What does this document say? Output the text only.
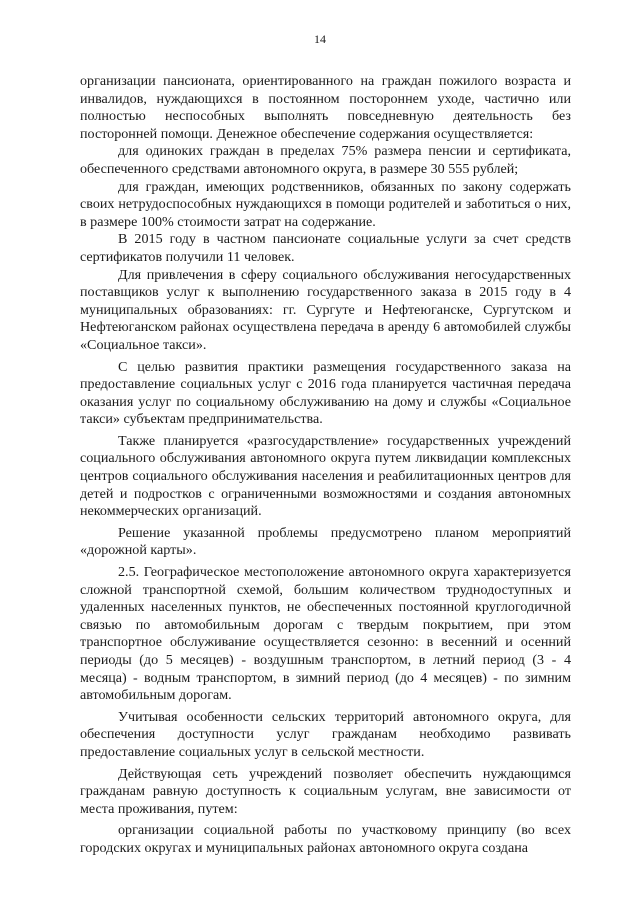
14

организации пансионата, ориентированного на граждан пожилого возраста и инвалидов, нуждающихся в постоянном постороннем уходе, частично или полностью неспособных выполнять повседневную деятельность без посторонней помощи. Денежное обеспечение содержания осуществляется:

для одиноких граждан в пределах 75% размера пенсии и сертификата, обеспеченного средствами автономного округа, в размере 30 555 рублей;

для граждан, имеющих родственников, обязанных по закону содержать своих нетрудоспособных нуждающихся в помощи родителей и заботиться о них, в размере 100% стоимости затрат на содержание.

В 2015 году в частном пансионате социальные услуги за счет средств сертификатов получили 11 человек.

Для привлечения в сферу социального обслуживания негосударственных поставщиков услуг к выполнению государственного заказа в 2015 году в 4 муниципальных образованиях: гг. Сургуте и Нефтеюганске, Сургутском и Нефтеюганском районах осуществлена передача в аренду 6 автомобилей службы «Социальное такси».

С целью развития практики размещения государственного заказа на предоставление социальных услуг с 2016 года планируется частичная передача оказания услуг по социальному обслуживанию на дому и службы «Социальное такси» субъектам предпринимательства.

Также планируется «разгосударствление» государственных учреждений социального обслуживания автономного округа путем ликвидации комплексных центров социального обслуживания населения и реабилитационных центров для детей и подростков с ограниченными возможностями и создания автономных некоммерческих организаций.

Решение указанной проблемы предусмотрено планом мероприятий «дорожной карты».

2.5. Географическое местоположение автономного округа характеризуется сложной транспортной схемой, большим количеством труднодоступных и удаленных населенных пунктов, не обеспеченных постоянной круглогодичной связью по автомобильным дорогам с твердым покрытием, при этом транспортное обслуживание осуществляется сезонно: в весенний и осенний периоды (до 5 месяцев) - воздушным транспортом, в летний период (3 - 4 месяца) - водным транспортом, в зимний период (до 4 месяцев) - по зимним автомобильным дорогам.

Учитывая особенности сельских территорий автономного округа, для обеспечения доступности услуг гражданам необходимо развивать предоставление социальных услуг в сельской местности.

Действующая сеть учреждений позволяет обеспечить нуждающимся гражданам равную доступность к социальным услугам, вне зависимости от места проживания, путем:

организации социальной работы по участковому принципу (во всех городских округах и муниципальных районах автономного округа создана
